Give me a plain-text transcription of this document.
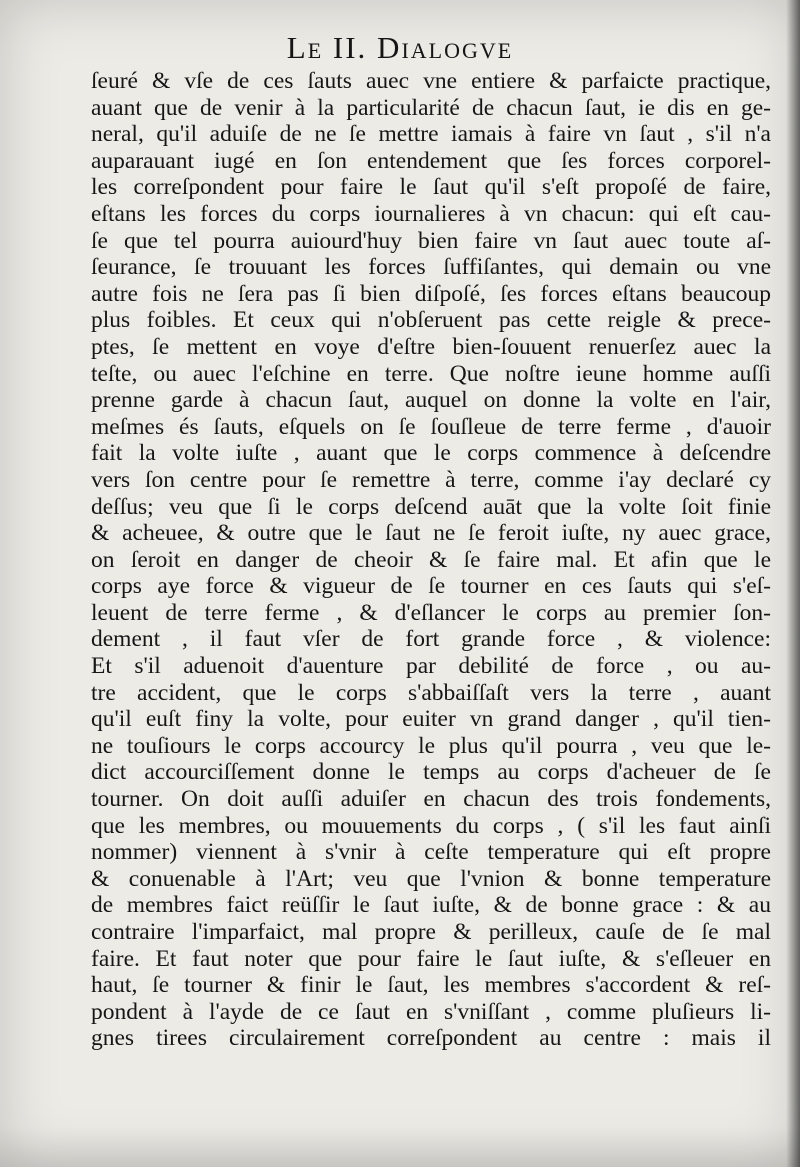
Le II. Dialogve
ſeuré & vſe de ces ſauts auec vne entiere & parfaicte practique,
auant que de venir à la particularité de chacun ſaut, ie dis en ge-
neral, qu'il aduiſe de ne ſe mettre iamais à faire vn ſaut , s'il n'a
auparauant iugé en ſon entendement que ſes forces corporel-
les correſpondent pour faire le ſaut qu'il s'eſt propoſé de faire,
eſtans les forces du corps iournalieres à vn chacun: qui eſt cau-
ſe que tel pourra auiourd'huy bien faire vn ſaut auec toute aſ-
ſeurance, ſe trouuant les forces ſuffiſantes, qui demain ou vne
autre fois ne ſera pas ſi bien diſpoſé, ſes forces eſtans beaucoup
plus foibles. Et ceux qui n'obſeruent pas cette reigle & prece-
ptes, ſe mettent en voye d'eſtre bien-ſouuent renuerſez auec la
teſte, ou auec l'eſchine en terre. Que noſtre ieune homme auſſi
prenne garde à chacun ſaut, auquel on donne la volte en l'air,
meſmes és ſauts, eſquels on ſe ſouſleue de terre ferme , d'auoir
fait la volte iuſte , auant que le corps commence à deſcendre
vers ſon centre pour ſe remettre à terre, comme i'ay declaré cy
deſſus; veu que ſi le corps deſcend auāt que la volte ſoit finie
& acheuee, & outre que le ſaut ne ſe feroit iuſte, ny auec grace,
on ſeroit en danger de cheoir & ſe faire mal. Et afin que le
corps aye force & vigueur de ſe tourner en ces ſauts qui s'eſ-
leuent de terre ferme , & d'eſlancer le corps au premier ſon-
dement , il faut vſer de fort grande force , & violence:
Et s'il aduenoit d'auenture par debilité de force , ou au-
tre accident, que le corps s'abbaiſſaſt vers la terre , auant
qu'il euſt finy la volte, pour euiter vn grand danger , qu'il tien-
ne touſiours le corps accourcy le plus qu'il pourra , veu que le-
dict accourciſſement donne le temps au corps d'acheuer de ſe
tourner. On doit auſſi aduiſer en chacun des trois fondements,
que les membres, ou mouuements du corps , ( s'il les faut ainſi
nommer) viennent à s'vnir à ceſte temperature qui eſt propre
& conuenable à l'Art; veu que l'vnion & bonne temperature
de membres faict reüſſir le ſaut iuſte, & de bonne grace : & au
contraire l'imparfaict, mal propre & perilleux, cauſe de ſe mal
faire. Et faut noter que pour faire le ſaut iuſte, & s'eſleuer en
haut, ſe tourner & finir le ſaut, les membres s'accordent & reſ-
pondent à l'ayde de ce ſaut en s'vniſſant , comme pluſieurs li-
gnes tirees circulairement correſpondent au centre : mais il
